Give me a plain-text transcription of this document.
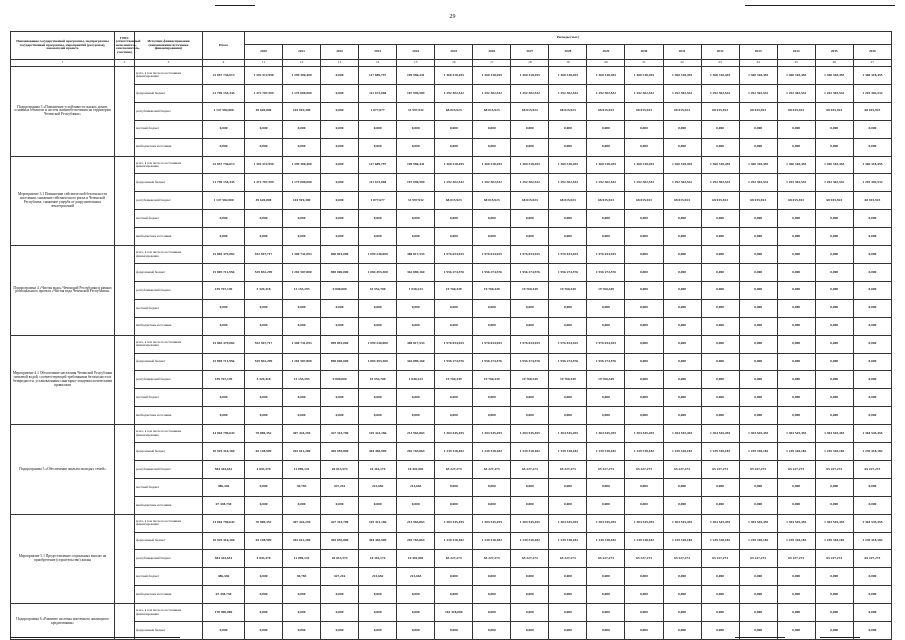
29
Наименование государственной программы, подпрограммы государственной программы, мероприятий (ресурсное), показателей проекта	ГРБС (ответственный исполнитель, соисполнитель, участник)	Источник финансирования (наименование источника финансирования)	Итого	Расходы (тыс.)																
				2020	2021	2022	2023	2024	2025	2026	2027	2028	2029	2030	2031	2032	2033	2034	2035	2036
1	2	3	4	11	12	13	14	15	16	17	18	19	20	21	22	23	24	25	26	27
Подпрограмма 3 «Повышение устойчивости жилых домов, основных объектов и систем жизнеобеспечения на территории Чеченской Республики»		всего, в том числе по источникам финансирования	22 057 736,013	1 392 512,990	1 299 300,400	0,000	117 689,797	109 986,441	1 360 318,455	1 360 318,455	1 360 318,455	1 360 318,455	1 360 318,455	1 360 318,455	1 360 318,455	1 360 318,455	1 360 318,455	1 360 318,455	1 360 318,455	1 360 318,455
		федеральный бюджет	21 790 154,345	1 372 787,599	1 175 000,000	0,000	111 673,068	107 996,509	1 292 302,532	1 292 302,532	1 292 302,532	1 292 302,532	1 292 302,532	1 292 302,532	1 292 302,532	1 292 302,532	1 292 302,532	1 292 302,532	1 292 302,532	1 292 302,532
		республиканский бюджет	1 147 582,000	49 620,000	104 919,300	0,000	1 877,677	31 997,932	68 015,923	68 015,923	68 015,923	68 015,923	68 015,923	68 015,923	68 015,923	68 015,923	68 015,923	68 015,923	68 015,923	68 015,923
		местный бюджет	0,000	0,000	0,000	0,000	0,000	0,000	0,000	0,000	0,000	0,000	0,000	0,000	0,000	0,000	0,000	0,000	0,000	0,000
		внебюджетные источники	0,000	0,000	0,000	0,000	0,000	0,000	0,000	0,000	0,000	0,000	0,000	0,000	0,000	0,000	0,000	0,000	0,000	0,000
Мероприятие 3.1 Повышение сейсмической безопасности населения, снижение сейсмического риска в Чеченской Республике, снижение ущерба от разрушительных землетрясений		всего, в том числе по источникам финансирования	22 057 736,013	1 392 512,990	1 299 300,400	0,000	117 689,797	109 986,441	1 360 318,455	1 360 318,455	1 360 318,455	1 360 318,455	1 360 318,455	1 360 318,455	1 360 318,455	1 360 318,455	1 360 318,455	1 360 318,455	1 360 318,455	1 360 318,455
		федеральный бюджет	21 790 154,345	1 372 787,599	1 175 000,000	0,000	111 673,068	107 996,509	1 292 302,532	1 292 302,532	1 292 302,532	1 292 302,532	1 292 302,532	1 292 302,532	1 292 302,532	1 292 302,532	1 292 302,532	1 292 302,532	1 292 302,532	1 292 302,532
		республиканский бюджет	1 147 582,000	49 620,000	104 919,300	0,000	1 877,677	31 997,932	68 015,923	68 015,923	68 015,923	68 015,923	68 015,923	68 015,923	68 015,923	68 015,923	68 015,923	68 015,923	68 015,923	68 015,923
		местный бюджет	0,000	0,000	0,000	0,000	0,000	0,000	0,000	0,000	0,000	0,000	0,000	0,000	0,000	0,000	0,000	0,000	0,000	0,000
		внебюджетные источники	0,000	0,000	0,000	0,000	0,000	0,000	0,000	0,000	0,000	0,000	0,000	0,000	0,000	0,000	0,000	0,000	0,000	0,000
Подпрограмма 4 «Чистая вода» Чеченской Республики в рамках регионального проекта «Чистая вода Чеченской Республики»		всего, в том числе по источникам финансирования	15 865 479,082	552 947,717	1 300 741,093	890 891,000	1 099 240,000	380 817,533	1 976 034,925	1 976 034,925	1 976 034,925	1 976 034,925	1 976 034,925	0,000	0,000	0,000	0,000	0,000	0,000	0,000
		федеральный бюджет	15 805 711,956	529 832,299	1 281 587,800	890 069,000	1 084 493,300	362 889,160	1 956 274,576	1 956 274,576	1 956 274,576	1 956 274,576	1 956 274,576	0,000	0,000	0,000	0,000	0,000	0,000	0,000
		республиканский бюджет	159 767,149	3 329,418	13 153,293	9 000,000	10 552,700	1 040,223	19 760,349	19 760,349	19 760,349	19 760,349	19 760,349	0,000	0,000	0,000	0,000	0,000	0,000	0,000
		местный бюджет	0,000	0,000	0,000	0,000	0,000	0,000	0,000	0,000	0,000	0,000	0,000	0,000	0,000	0,000	0,000	0,000	0,000	0,000
		внебюджетные источники	0,000	0,000	0,000	0,000	0,000	0,000	0,000	0,000	0,000	0,000	0,000	0,000	0,000	0,000	0,000	0,000	0,000	0,000
Мероприятие 4.1 Обеспечение населения Чеченской Республики питьевой водой, соответствующей требованиям безопасности и безвредности, установленным санитарно-эпидемиологическими правилами		всего, в том числе по источникам финансирования	15 865 479,082	552 947,717	1 300 741,093	899 891,000	1 099 240,000	380 817,533	1 976 034,925	1 976 034,925	1 976 034,925	1 976 034,925	1 976 034,925	0,000	0,000	0,000	0,000	0,000	0,000	0,000
		федеральный бюджет	15 805 711,956	529 832,299	1 281 587,800	890 069,000	1 084 493,300	362 889,160	1 956 274,576	1 956 274,576	1 956 274,576	1 956 274,576	1 956 274,576	0,000	0,000	0,000	0,000	0,000	0,000	0,000
		республиканский бюджет	159 767,149	3 329,418	13 153,293	9 000,000	10 552,700	1 040,223	19 760,349	19 760,349	19 760,349	19 760,349	19 760,349	0,000	0,000	0,000	0,000	0,000	0,000	0,000
		местный бюджет	0,000	0,000	0,000	0,000	0,000	0,000	0,000	0,000	0,000	0,000	0,000	0,000	0,000	0,000	0,000	0,000	0,000	0,000
		внебюджетные источники	0,000	0,000	0,000	0,000	0,000	0,000	0,000	0,000	0,000	0,000	0,000	0,000	0,000	0,000	0,000	0,000	0,000	0,000
Подпрограмма 5 «Обеспечение жильем молодых семей»		всего, в том числе по источникам финансирования	14 064 790,643	70 800,352	307 424,294	427 315,700	319 421,186	213 963,863	1 304 545,455	1 304 545,455	1 304 545,455	1 304 545,455	1 304 545,455	1 304 545,455	1 304 545,455	1 304 545,455	1 304 545,455	1 304 545,455	1 304 545,455	1 304 545,455
		федеральный бюджет	10 925 316,160	65 128,909	202 612,200	405 055,800	304 465,909	202 763,864	1 239 318,182	1 239 318,182	1 239 318,182	1 239 318,182	1 239 318,182	1 239 318,182	1 239 318,182	1 239 318,182	1 239 318,182	1 239 318,182	1 239 318,182	1 239 318,182
		республиканский бюджет	584 444,651	4 843,370	11 090,141	20 013,574	10 116,174	10 401,081	65 227,273	65 227,273	65 227,273	65 227,273	65 227,273	65 227,273	65 227,273	65 227,273	65 227,273	65 227,273	65 227,273	65 227,273
		местный бюджет	486,346	0,000	30,783	427,216	215,682	213,663	0,000	0,000	0,000	0,000	0,000	0,000	0,000	0,000	0,000	0,000	0,000	0,000
		внебюджетные источники	67 438,730	0,000	0,000	0,000	0,000	0,000	0,000	0,000	0,000	0,000	0,000	0,000	0,000	0,000	0,000	0,000	0,000	0,000
Мероприятие 5.1 Предоставление социальных выплат на приобретение (строительство) жилья		всего, в том числе по источникам финансирования	14 064 790,643	70 800,352	307 424,294	427 315,700	319 421,186	213 963,863	1 304 545,455	1 304 545,455	1 304 545,455	1 304 545,455	1 304 545,455	1 304 545,455	1 304 545,455	1 304 545,455	1 304 545,455	1 304 545,455	1 304 545,455	1 304 545,455
		федеральный бюджет	10 925 316,160	65 128,909	202 612,200	405 055,800	304 465,909	202 763,864	1 239 318,182	1 239 318,182	1 239 318,182	1 239 318,182	1 239 318,182	1 239 318,182	1 239 318,182	1 239 318,182	1 239 318,182	1 239 318,182	1 239 318,182	1 239 318,182
		республиканский бюджет	584 444,651	4 843,370	11 090,141	20 013,574	10 116,174	10 401,081	65 227,273	65 227,273	65 227,273	65 227,273	65 227,273	65 227,273	65 227,273	65 227,273	65 227,273	65 227,273	65 227,273	65 227,273
		местный бюджет	486,346	0,000	30,783	427,216	215,682	213,663	0,000	0,000	0,000	0,000	0,000	0,000	0,000	0,000	0,000	0,000	0,000	0,000
		внебюджетные источники	67 438,730	0,000	0,000	0,000	0,000	0,000	0,000	0,000	0,000	0,000	0,000	0,000	0,000	0,000	0,000	0,000	0,000	0,000
Подпрограмма 6 «Развитие системы ипотечного жилищного кредитования»		всего, в том числе по источникам финансирования	170 900,000	0,000	0,000	0,000	0,000	0,000	181 318,000	0,000	0,000	0,000	0,000	0,000	0,000	0,000	0,000	0,000	0,000	0,000
		федеральный бюджет	0,000	0,000	0,000	0,000	0,000	0,000	0,000	0,000	0,000	0,000	0,000	0,000	0,000	0,000	0,000	0,000	0,000	0,000
